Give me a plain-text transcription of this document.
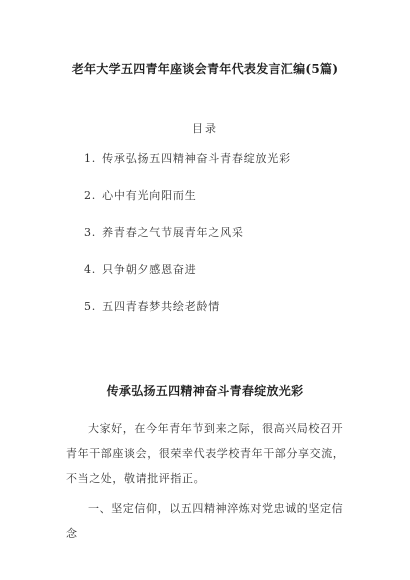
老年大学五四青年座谈会青年代表发言汇编(5篇)
目录
1. 传承弘扬五四精神奋斗青春绽放光彩
2. 心中有光向阳而生
3. 养青春之气节展青年之风采
4. 只争朝夕感恩奋进
5. 五四青春梦共绘老龄情
传承弘扬五四精神奋斗青春绽放光彩

大家好，在今年青年节到来之际，很高兴局校召开青年干部座谈会，很荣幸代表学校青年干部分享交流，不当之处，敬请批评指正。

一、坚定信仰，以五四精神淬炼对党忠诚的坚定信念
